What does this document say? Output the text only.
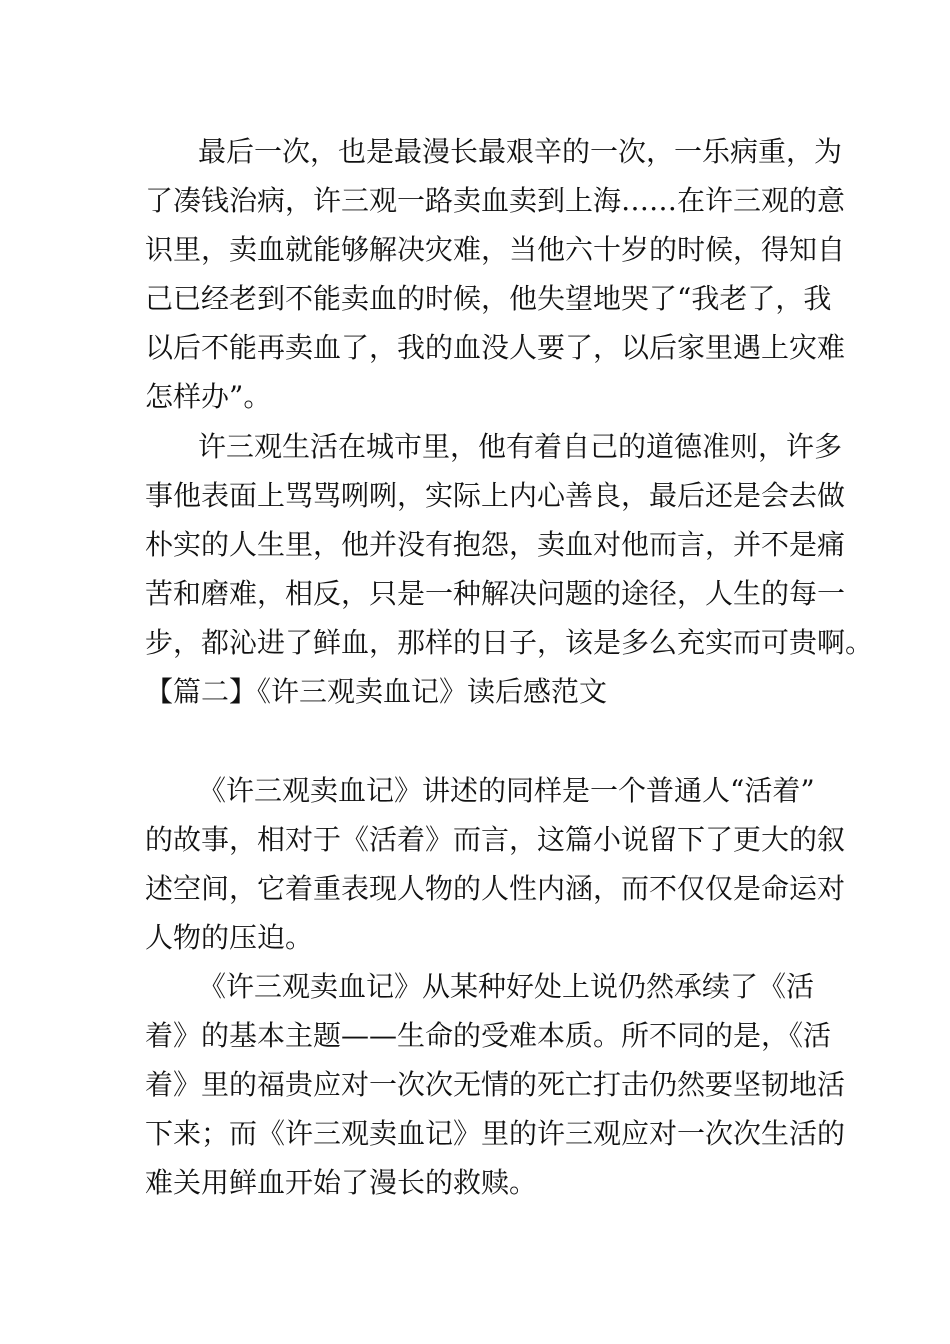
最后一次，也是最漫长最艰辛的一次，一乐病重，为
了凑钱治病，许三观一路卖血卖到上海……在许三观的意
识里，卖血就能够解决灾难，当他六十岁的时候，得知自
己已经老到不能卖血的时候，他失望地哭了“我老了，我
以后不能再卖血了，我的血没人要了，以后家里遇上灾难
怎样办”。
许三观生活在城市里，他有着自己的道德准则，许多
事他表面上骂骂咧咧，实际上内心善良，最后还是会去做
朴实的人生里，他并没有抱怨，卖血对他而言，并不是痛
苦和磨难，相反，只是一种解决问题的途径，人生的每一
步，都沁进了鲜血，那样的日子，该是多么充实而可贵啊。
【篇二】《许三观卖血记》读后感范文
《许三观卖血记》讲述的同样是一个普通人“活着”
的故事，相对于《活着》而言，这篇小说留下了更大的叙
述空间，它着重表现人物的人性内涵，而不仅仅是命运对
人物的压迫。
《许三观卖血记》从某种好处上说仍然承续了《活
着》的基本主题——生命的受难本质。所不同的是，《活
着》里的福贵应对一次次无情的死亡打击仍然要坚韧地活
下来；而《许三观卖血记》里的许三观应对一次次生活的
难关用鲜血开始了漫长的救赎。
